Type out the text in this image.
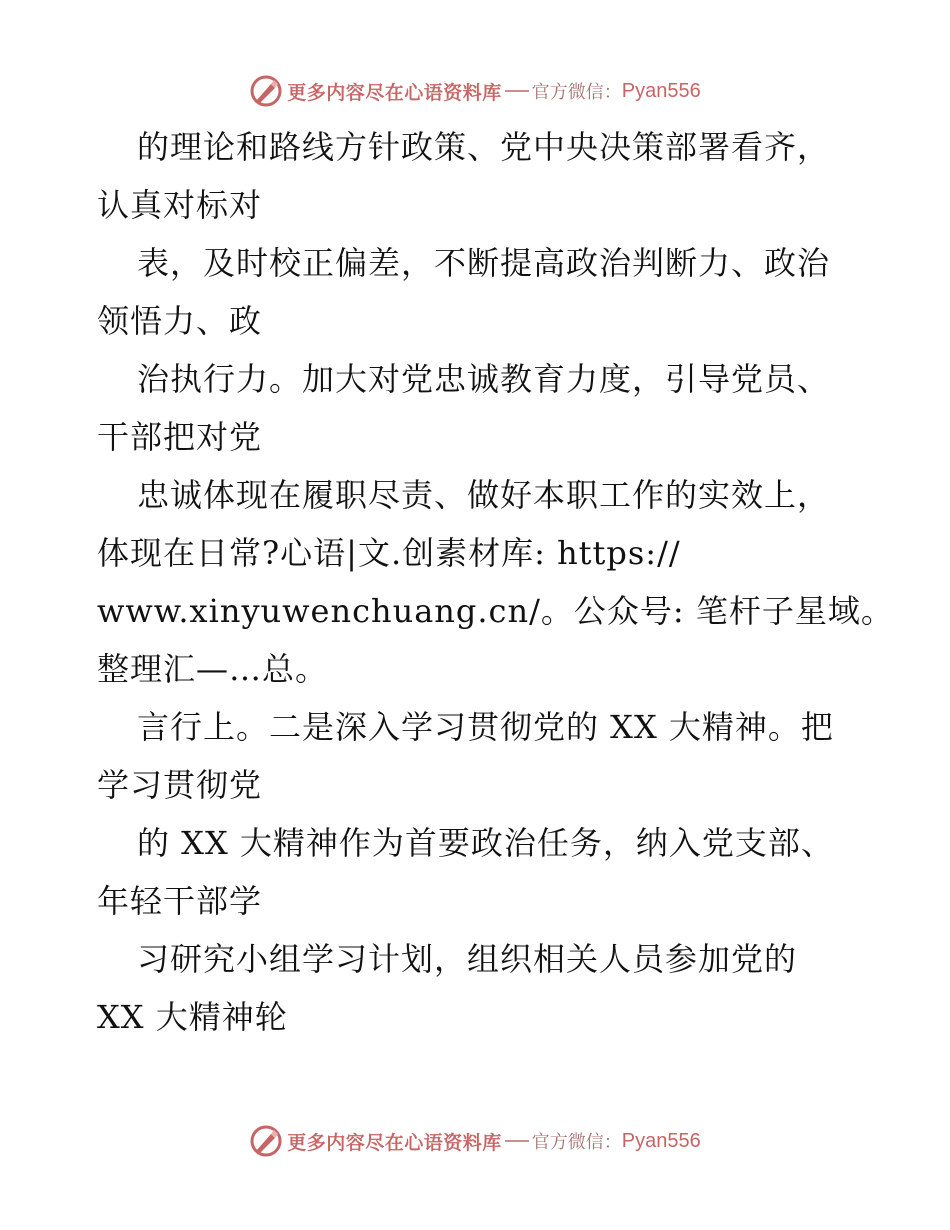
更多内容尽在心语资料库 官方微信： Pyan556
的理论和路线方针政策、党中央决策部署看齐，
认真对标对
表，及时校正偏差，不断提高政治判断力、政治
领悟力、政
治执行力。加大对党忠诚教育力度，引导党员、
干部把对党
忠诚体现在履职尽责、做好本职工作的实效上，
体现在日常?心语|文.创素材库: https://
www.xinyuwenchuang.cn/。公众号: 笔杆子星域。
整理汇—…总。
言行上。二是深入学习贯彻党的 XX 大精神。把
学习贯彻党
的 XX 大精神作为首要政治任务，纳入党支部、
年轻干部学
习研究小组学习计划，组织相关人员参加党的
XX 大精神轮
更多内容尽在心语资料库 官方微信： Pyan556
